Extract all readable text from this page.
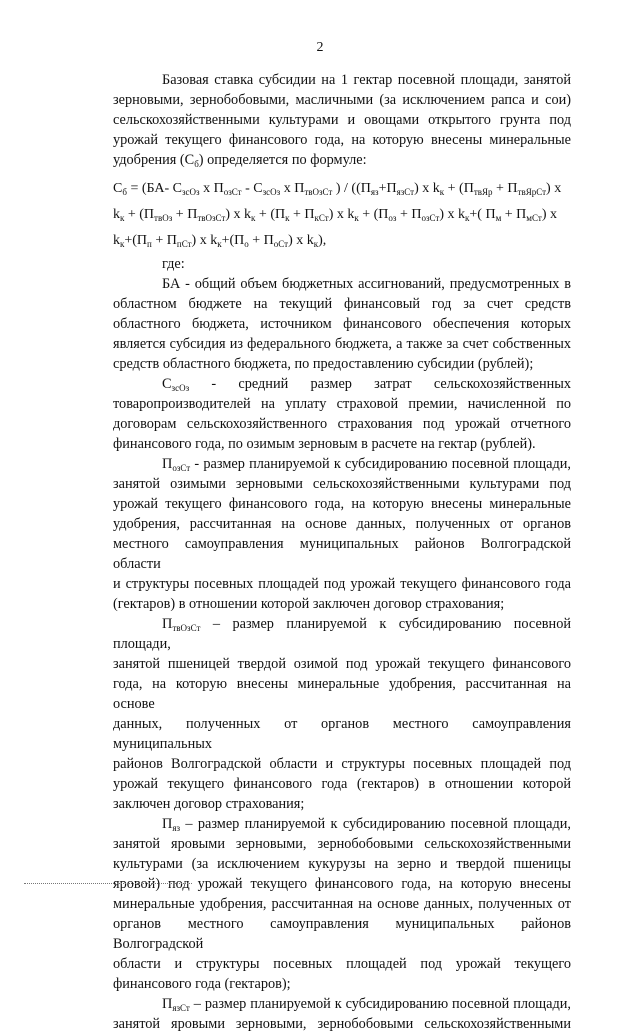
2

Базовая ставка субсидии на 1 гектар посевной площади, занятой

зерновыми, зернобобовыми, масличными (за исключением рапса и сои)

сельскохозяйственными культурами и овощами открытого грунта под

урожай текущего финансового года, на которую внесены минеральные

удобрения $(С_б)$ определяется по формуле:

$С_б = (БА-$ $С_{зсОз}$ х $П_{озСт} - С_{зсОз}$ х $П_{твОзСт}$ ) / ($(П_{яз}+П_{язСт})$ х $k_к + (П_{твЯр} + П_{твЯрСт})$ х

$k_к + (П_{твОз} + П_{твОзСт})$ х $k_к + (П_к + П_{кСт})$ х $k_к + (П_{оз} + П_{озСт})$ х $k_к+$( $П_м + П_{мСт}$) х

$k_к+(П_п + П_{пСт})$ х $k_к+(П_о + П_{оСт})$ х $k_к$),

где:

БА - общий объем бюджетных ассигнований, предусмотренных в

областном бюджете на текущий финансовый год за счет средств

областного бюджета, источником финансового обеспечения которых

является субсидия из федерального бюджета, а также за счет собственных

средств областного бюджета, по предоставлению субсидии (рублей);

$С_{зсОз}$ - средний размер затрат сельскохозяйственных

товаропроизводителей на уплату страховой премии, начисленной по

договорам сельскохозяйственного страхования под урожай отчетного

финансового года, по озимым зерновым в расчете на гектар (рублей).

$П_{озСт}$ - размер планируемой к субсидированию посевной площади,

занятой озимыми зерновыми сельскохозяйственными культурами под

урожай текущего финансового года, на которую внесены минеральные

удобрения, рассчитанная на основе данных, полученных от органов

местного самоуправления муниципальных районов Волгоградской области

и структуры посевных площадей под урожай текущего финансового года

(гектаров) в отношении которой заключен договор страхования;

$П_{твОзСт}$ – размер планируемой к субсидированию посевной площади,

занятой пшеницей твердой озимой под урожай текущего финансового

года, на которую внесены минеральные удобрения, рассчитанная на основе

данных, полученных от органов местного самоуправления муниципальных

районов Волгоградской области и структуры посевных площадей под

урожай текущего финансового года (гектаров) в отношении которой

заключен договор страхования;

$П_{яз}$ – размер планируемой к субсидированию посевной площади,

занятой яровыми зерновыми, зернобобовыми сельскохозяйственными

культурами (за исключением кукурузы на зерно и твердой пшеницы

яровой) под урожай текущего финансового года, на которую внесены

минеральные удобрения, рассчитанная на основе данных, полученных от

органов местного самоуправления муниципальных районов Волгоградской

области и структуры посевных площадей под урожай текущего

финансового года (гектаров);

$П_{язСт}$ – размер планируемой к субсидированию посевной площади,

занятой яровыми зерновыми, зернобобовыми сельскохозяйственными
